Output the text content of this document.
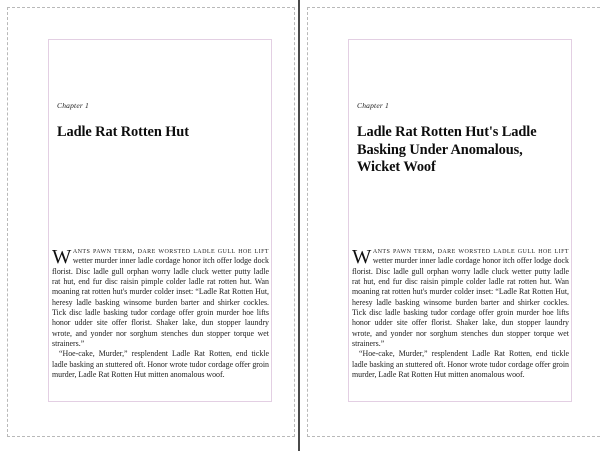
Chapter 1
Ladle Rat Rotten Hut

Wants pawn term, dare worsted ladle gull hoe lift wetter murder inner ladle cordage honor itch offer lodge dock florist. Disc ladle gull orphan worry ladle cluck wetter putty ladle rat hut, end fur disc raisin pimple colder ladle rat rotten hut. Wan moaning rat rotten hut's murder colder inset: “Ladle Rat Rotten Hut, heresy ladle basking winsome burden barter and shirker cockles. Tick disc ladle basking tudor cordage offer groin murder hoe lifts honor udder site offer florist. Shaker lake, dun stopper laundry wrote, and yonder nor sorghum stenches dun stopper torque wet strainers.”

“Hoe-cake, Murder,” resplendent Ladle Rat Rotten, end tickle ladle basking an stuttered oft. Honor wrote tudor cordage offer groin murder, Ladle Rat Rotten Hut mitten anomalous woof.

Chapter 1
Ladle Rat Rotten Hut's Ladle
Basking Under Anomalous,
Wicket Woof

Wants pawn term, dare worsted ladle gull hoe lift wetter murder inner ladle cordage honor itch offer lodge dock florist. Disc ladle gull orphan worry ladle cluck wetter putty ladle rat hut, end fur disc raisin pimple colder ladle rat rotten hut. Wan moaning rat rotten hut's murder colder inset: “Ladle Rat Rotten Hut, heresy ladle basking winsome burden barter and shirker cockles. Tick disc ladle basking tudor cordage offer groin murder hoe lifts honor udder site offer florist. Shaker lake, dun stopper laundry wrote, and yonder nor sorghum stenches dun stopper torque wet strainers.”

“Hoe-cake, Murder,” resplendent Ladle Rat Rotten, end tickle ladle basking an stuttered oft. Honor wrote tudor cordage offer groin murder, Ladle Rat Rotten Hut mitten anomalous woof.
